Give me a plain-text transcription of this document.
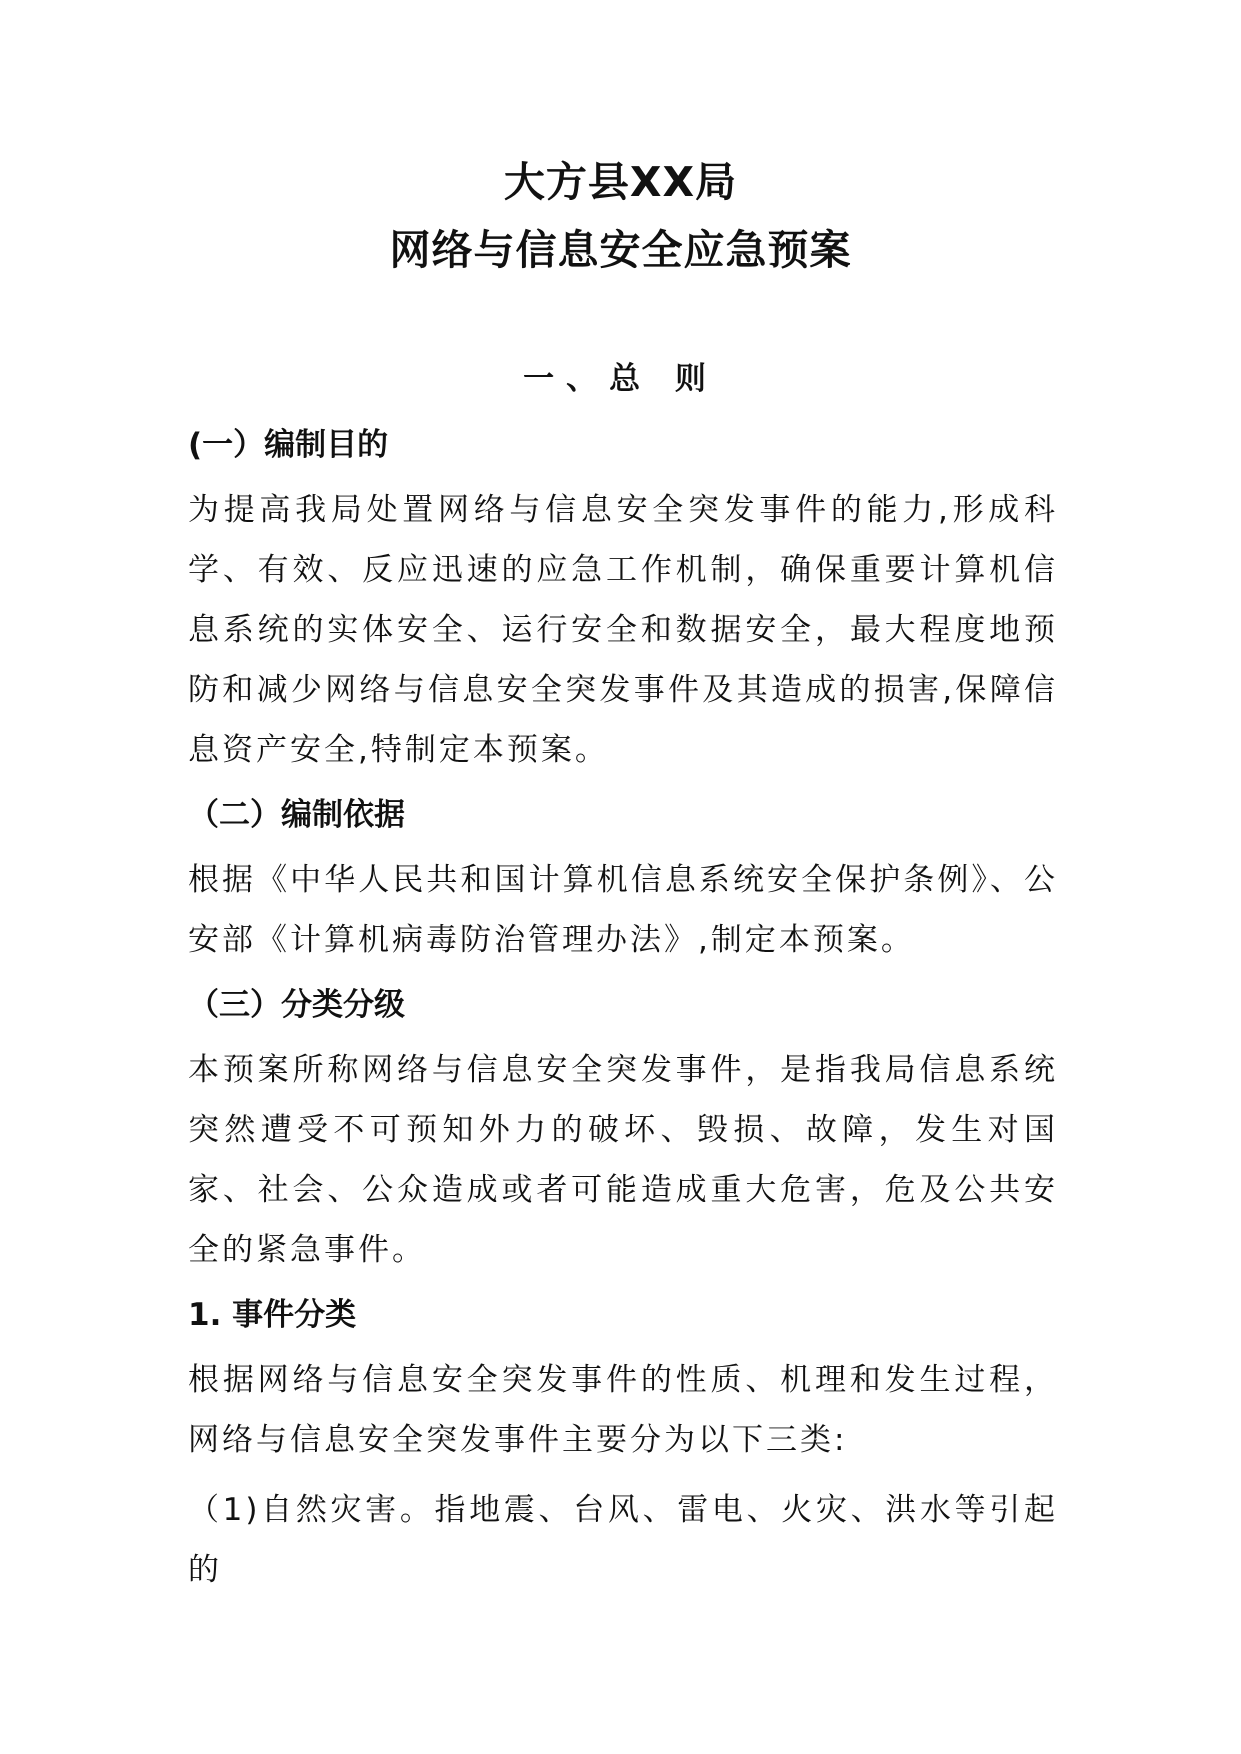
大方县XX局
网络与信息安全应急预案
一、总 则
(一）编制目的

为提高我局处置网络与信息安全突发事件的能力,形成科学、有效、反应迅速的应急工作机制，确保重要计算机信息系统的实体安全、运行安全和数据安全，最大程度地预防和减少网络与信息安全突发事件及其造成的损害,保障信息资产安全,特制定本预案。

（二）编制依据

根据《中华人民共和国计算机信息系统安全保护条例》、公安部《计算机病毒防治管理办法》,制定本预案。

（三）分类分级

本预案所称网络与信息安全突发事件，是指我局信息系统突然遭受不可预知外力的破坏、毁损、故障，发生对国家、社会、公众造成或者可能造成重大危害，危及公共安全的紧急事件。

1. 事件分类

根据网络与信息安全突发事件的性质、机理和发生过程，网络与信息安全突发事件主要分为以下三类:

（1)自然灾害。指地震、台风、雷电、火灾、洪水等引起的
